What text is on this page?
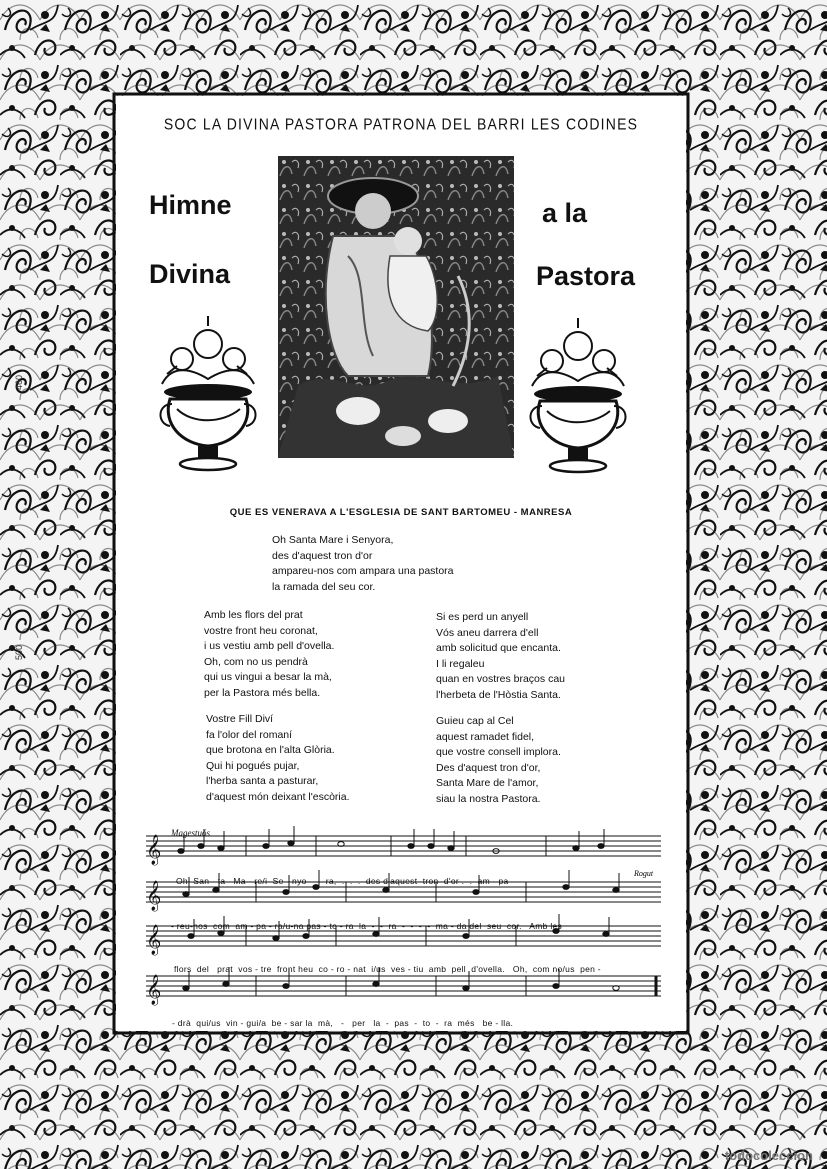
SOC LA DIVINA PASTORA PATRONA DEL BARRI LES CODINES
Himne	a la
Divina	Pastora
QUE ES VENERAVA A L'ESGLESIA DE SANT BARTOMEU - MANRESA
Oh Santa Mare i Senyora,
des d'aquest tron d'or
ampareu-nos com ampara una pastora
la ramada del seu cor.
Amb les flors del prat
vostre front heu coronat,
i us vestiu amb pell d'ovella.
Oh, com no us pendrà
qui us vingui a besar la mà,
per la Pastora més bella.
Si es perd un anyell
Vós aneu darrera d'ell
amb solicitud que encanta.
I li regaleu
quan en vostres braços cau
l'herbeta de l'Hòstia Santa.
Vostre Fill Diví
fa l'olor del romaní
que brotona en l'alta Glòria.
Qui hi pogués pujar,
l'herba santa a pasturar,
d'aquest món deixant l'escòria.
Guieu cap al Cel
aquest ramadet fidel,
que vostre consell implora.
Des d'aquest tron d'or,
Santa Mare de l'amor,
siau la nostra Pastora.
𝄞
𝄞
𝄞
𝄞
Rogut
Magestuós
Oh  San - ta   Ma - re/i  Se - nyo   -   ra,  .  .  .  des d'aquest  tron  d'or .  .  am - pa
- reu-nos  com  am - pa - ra/u-na pas - to - ra  la  -  -  ra  -  -  -  -  ma - da del  seu  cor.   Amb les
flors  del   prat  vos - tre  front heu  co - ro - nat  i/us  ves - tiu  amb  pell  d'ovella.   Oh,  com no/us  pen -
- drà  qui/us  vin - gui/a  be - sar la  mà,   -   per   la  -  pas  -  to  -  ra  més   be - lla.
460
500
todocoleccion
